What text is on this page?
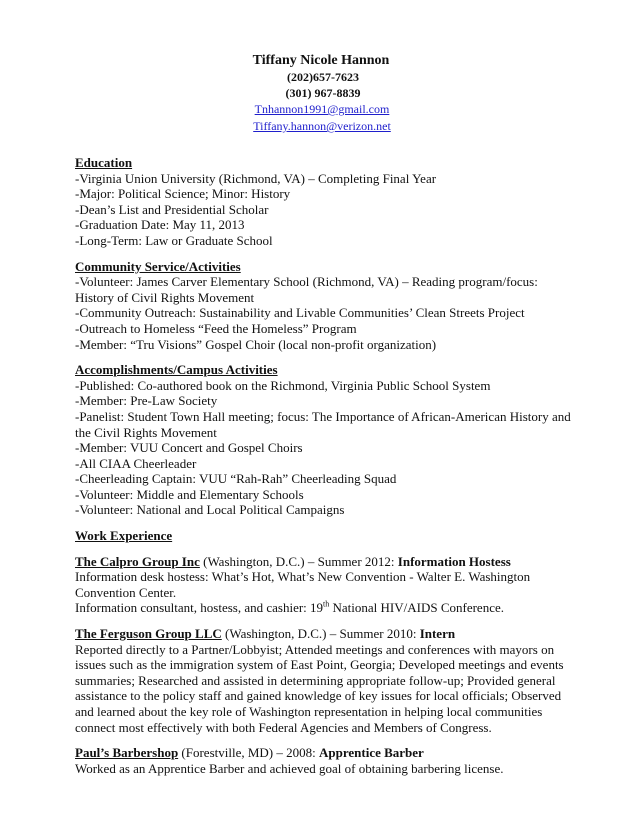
Tiffany Nicole Hannon
(202)657-7623
(301) 967-8839
Tnhannon1991@gmail.com
Tiffany.hannon@verizon.net
Education
-Virginia Union University (Richmond, VA) – Completing Final Year
-Major: Political Science; Minor: History
-Dean’s List and Presidential Scholar
-Graduation Date: May 11, 2013
-Long-Term: Law or Graduate School
Community Service/Activities
-Volunteer: James Carver Elementary School (Richmond, VA) – Reading program/focus:
History of Civil Rights Movement
-Community Outreach: Sustainability and Livable Communities’ Clean Streets Project
-Outreach to Homeless “Feed the Homeless” Program
-Member: “Tru Visions” Gospel Choir (local non-profit organization)
Accomplishments/Campus Activities
-Published: Co-authored book on the Richmond, Virginia Public School System
-Member: Pre-Law Society
-Panelist: Student Town Hall meeting; focus: The Importance of African-American History and
the Civil Rights Movement
-Member: VUU Concert and Gospel Choirs
-All CIAA Cheerleader
-Cheerleading Captain: VUU “Rah-Rah” Cheerleading Squad
-Volunteer: Middle and Elementary Schools
-Volunteer: National and Local Political Campaigns
Work Experience
The Calpro Group Inc (Washington, D.C.) – Summer 2012: Information Hostess
Information desk hostess: What’s Hot, What’s New Convention - Walter E. Washington
Convention Center.
Information consultant, hostess, and cashier: 19th National HIV/AIDS Conference.
The Ferguson Group LLC (Washington, D.C.) – Summer 2010: Intern
Reported directly to a Partner/Lobbyist; Attended meetings and conferences with mayors on
issues such as the immigration system of East Point, Georgia; Developed meetings and events
summaries; Researched and assisted in determining appropriate follow-up; Provided general
assistance to the policy staff and gained knowledge of key issues for local officials; Observed
and learned about the key role of Washington representation in helping local communities
connect most effectively with both Federal Agencies and Members of Congress.
Paul’s Barbershop (Forestville, MD) – 2008: Apprentice Barber
Worked as an Apprentice Barber and achieved goal of obtaining barbering license.
